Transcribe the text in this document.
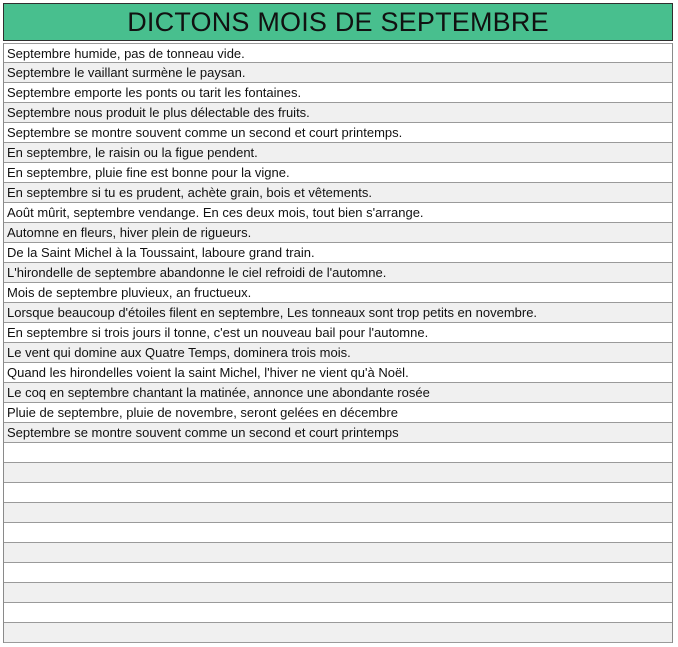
DICTONS MOIS DE SEPTEMBRE
Septembre humide, pas de tonneau vide.
Septembre le vaillant surmène le paysan.
Septembre emporte les ponts ou tarit les fontaines.
Septembre nous produit le plus délectable des fruits.
Septembre se montre souvent comme un second et court printemps.
En septembre, le raisin ou la figue pendent.
En septembre, pluie fine est bonne pour la vigne.
En septembre si tu es prudent, achète grain, bois et vêtements.
Août mûrit, septembre vendange. En ces deux mois, tout bien s'arrange.
Automne en fleurs, hiver plein de rigueurs.
De la Saint Michel à la Toussaint, laboure grand train.
L'hirondelle de septembre abandonne le ciel refroidi de l'automne.
Mois de septembre pluvieux, an fructueux.
Lorsque beaucoup d'étoiles filent en septembre, Les tonneaux sont trop petits en novembre.
En septembre si trois jours il tonne, c'est un nouveau bail pour l'automne.
Le vent qui domine aux Quatre Temps, dominera trois mois.
Quand les hirondelles voient la saint Michel, l'hiver ne vient qu'à Noël.
Le coq en septembre chantant la matinée, annonce une abondante rosée
Pluie de septembre, pluie de novembre, seront gelées en décembre
Septembre se montre souvent comme un second et court printemps
